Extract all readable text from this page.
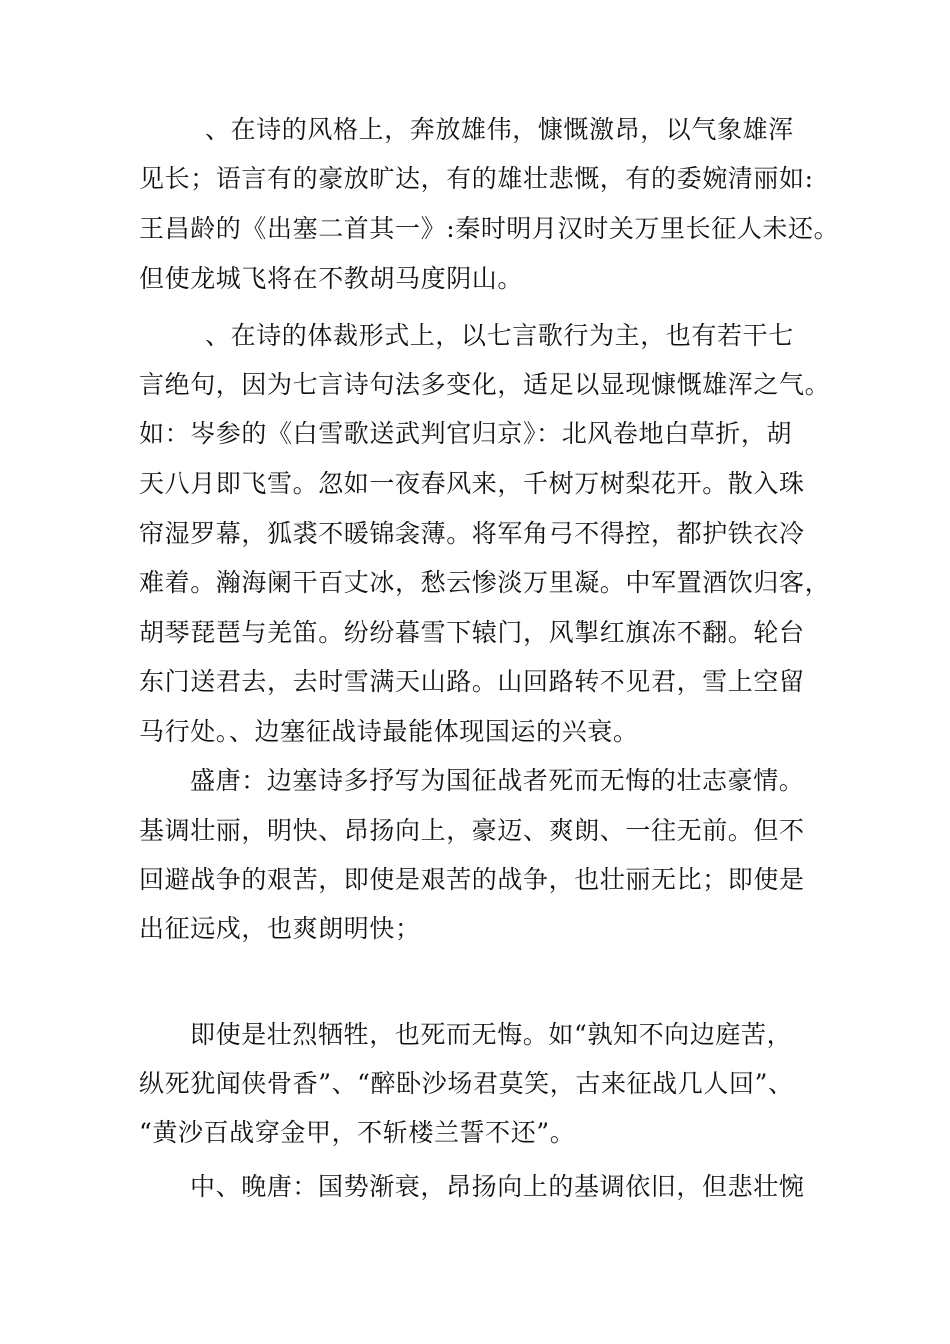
、在诗的风格上，奔放雄伟，慷慨激昂，以气象雄浑
见长；语言有的豪放旷达，有的雄壮悲慨，有的委婉清丽如:
王昌龄的《出塞二首其一》:秦时明月汉时关万里长征人未还。
但使龙城飞将在不教胡马度阴山。
、在诗的体裁形式上，以七言歌行为主，也有若干七
言绝句，因为七言诗句法多变化，适足以显现慷慨雄浑之气。
如：岑参的《白雪歌送武判官归京》：北风卷地白草折，胡
天八月即飞雪。忽如一夜春风来，千树万树梨花开。散入珠
帘湿罗幕，狐裘不暖锦衾薄。将军角弓不得控，都护铁衣冷
难着。瀚海阑干百丈冰，愁云惨淡万里凝。中军置酒饮归客，
胡琴琵琶与羌笛。纷纷暮雪下辕门，风掣红旗冻不翻。轮台
东门送君去，去时雪满天山路。山回路转不见君，雪上空留
马行处。、边塞征战诗最能体现国运的兴衰。
盛唐：边塞诗多抒写为国征战者死而无悔的壮志豪情。
基调壮丽，明快、昂扬向上，豪迈、爽朗、一往无前。但不
回避战争的艰苦，即使是艰苦的战争，也壮丽无比；即使是
出征远戍，也爽朗明快；
即使是壮烈牺牲，也死而无悔。如“孰知不向边庭苦，
纵死犹闻侠骨香”、“醉卧沙场君莫笑，古来征战几人回”、
“黄沙百战穿金甲，不斩楼兰誓不还”。
中、晚唐：国势渐衰，昂扬向上的基调依旧，但悲壮惋
